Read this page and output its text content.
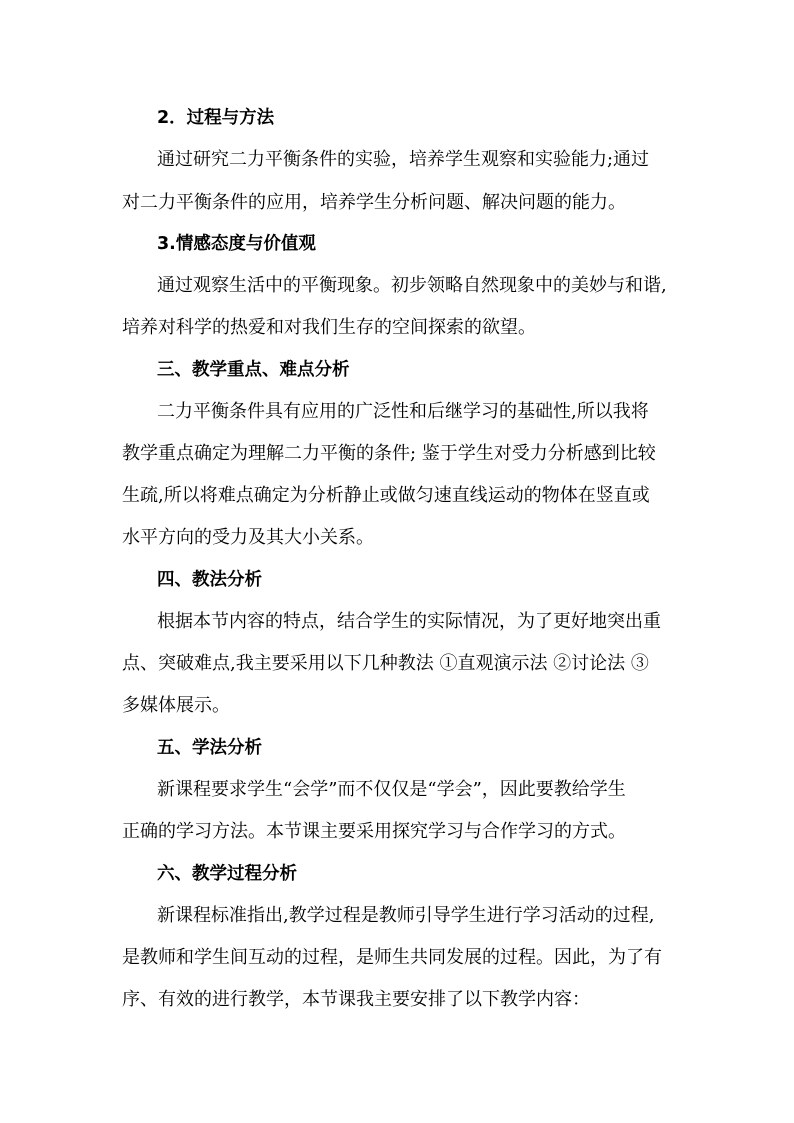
2．过程与方法
通过研究二力平衡条件的实验，培养学生观察和实验能力;通过
对二力平衡条件的应用，培养学生分析问题、解决问题的能力。
3.情感态度与价值观
通过观察生活中的平衡现象。初步领略自然现象中的美妙与和谐,
培养对科学的热爱和对我们生存的空间探索的欲望。
三、教学重点、难点分析
二力平衡条件具有应用的广泛性和后继学习的基础性,所以我将
教学重点确定为理解二力平衡的条件; 鉴于学生对受力分析感到比较
生疏,所以将难点确定为分析静止或做匀速直线运动的物体在竖直或
水平方向的受力及其大小关系。
四、教法分析
根据本节内容的特点，结合学生的实际情况，为了更好地突出重
点、突破难点,我主要采用以下几种教法 ①直观演示法 ②讨论法 ③
多媒体展示。
五、学法分析
新课程要求学生“会学”而不仅仅是“学会”，因此要教给学生
正确的学习方法。本节课主要采用探究学习与合作学习的方式。
六、教学过程分析
新课程标准指出,教学过程是教师引导学生进行学习活动的过程,
是教师和学生间互动的过程，是师生共同发展的过程。因此，为了有
序、有效的进行教学，本节课我主要安排了以下教学内容：
